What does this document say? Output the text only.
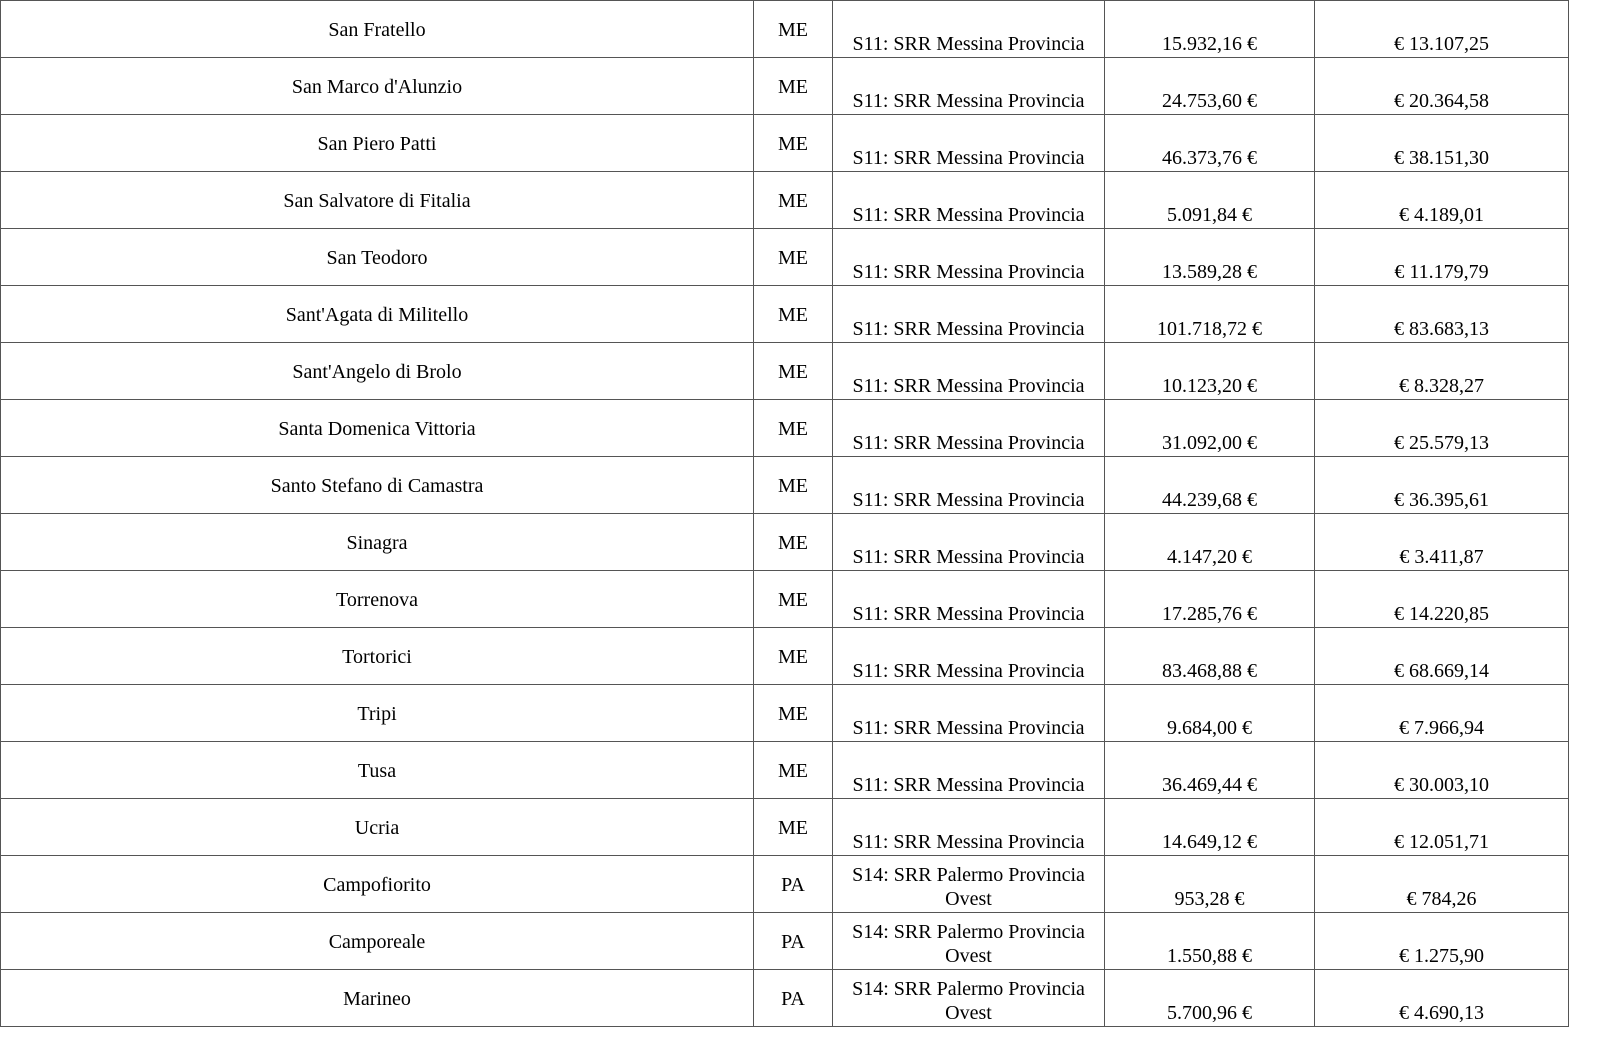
San Fratello	ME	S11: SRR Messina Provincia	15.932,16 €	€ 13.107,25
San Marco d'Alunzio	ME	S11: SRR Messina Provincia	24.753,60 €	€ 20.364,58
San Piero Patti	ME	S11: SRR Messina Provincia	46.373,76 €	€ 38.151,30
San Salvatore di Fitalia	ME	S11: SRR Messina Provincia	5.091,84 €	€ 4.189,01
San Teodoro	ME	S11: SRR Messina Provincia	13.589,28 €	€ 11.179,79
Sant'Agata di Militello	ME	S11: SRR Messina Provincia	101.718,72 €	€ 83.683,13
Sant'Angelo di Brolo	ME	S11: SRR Messina Provincia	10.123,20 €	€ 8.328,27
Santa Domenica Vittoria	ME	S11: SRR Messina Provincia	31.092,00 €	€ 25.579,13
Santo Stefano di Camastra	ME	S11: SRR Messina Provincia	44.239,68 €	€ 36.395,61
Sinagra	ME	S11: SRR Messina Provincia	4.147,20 €	€ 3.411,87
Torrenova	ME	S11: SRR Messina Provincia	17.285,76 €	€ 14.220,85
Tortorici	ME	S11: SRR Messina Provincia	83.468,88 €	€ 68.669,14
Tripi	ME	S11: SRR Messina Provincia	9.684,00 €	€ 7.966,94
Tusa	ME	S11: SRR Messina Provincia	36.469,44 €	€ 30.003,10
Ucria	ME	S11: SRR Messina Provincia	14.649,12 €	€ 12.051,71
Campofiorito	PA	S14: SRR Palermo Provincia Ovest	953,28 €	€ 784,26
Camporeale	PA	S14: SRR Palermo Provincia Ovest	1.550,88 €	€ 1.275,90
Marineo	PA	S14: SRR Palermo Provincia Ovest	5.700,96 €	€ 4.690,13
